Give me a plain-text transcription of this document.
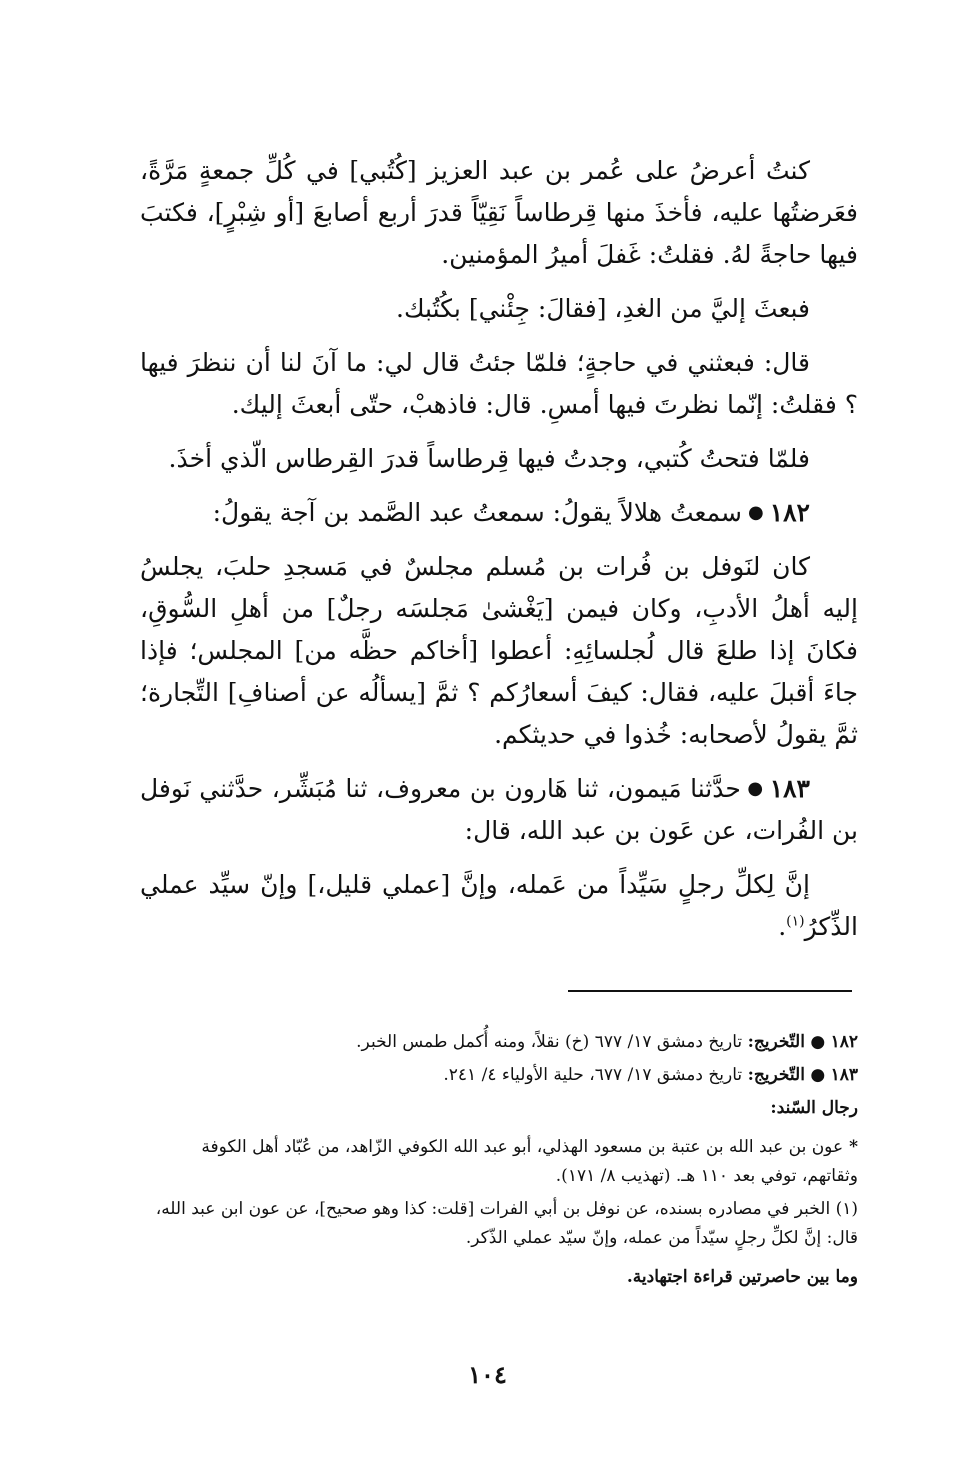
كنتُ أعرضُ على عُمر بن عبد العزيز [كُتُبي] في كُلِّ جمعةٍ مَرَّةً، فعَرضتُها عليه، فأخذَ منها قِرطاساً نَقِيّاً قدرَ أربع أصابعَ [أو شِبْرٍ]، فكتبَ فيها حاجةً لهُ. فقلتُ: غَفلَ أميرُ المؤمنين.

فبعثَ إليَّ من الغدِ، [فقالَ: جِئْني] بكُتُبك.

قال: فبعثني في حاجةٍ؛ فلمّا جئتُ قال لي: ما آنَ لنا أن ننظرَ فيها ؟ فقلتُ: إنّما نظرتَ فيها أمسِ. قال: فاذهبْ، حتّى أبعثَ إليك.

فلمّا فتحتُ كُتبي، وجدتُ فيها قِرطاساً قدرَ القِرطاس الّذي أخذَ.

١٨٢●سمعتُ هلالاً يقولُ: سمعتُ عبد الصَّمد بن آجة يقولُ:

كان لنَوفل بن فُرات بن مُسلم مجلسٌ في مَسجدِ حلبَ، يجلسُ إليه أهلُ الأدبِ، وكان فيمن [يَغْشىٰ مَجلسَه رجلٌ] من أهلِ السُّوقِ، فكانَ إذا طلعَ قال لُجلسائِهِ: أعطوا [أخاكم حظَّه من] المجلس؛ فإذا جاءَ أقبلَ عليه، فقال: كيفَ أسعارُكم ؟ ثمَّ [يسألُه عن أصنافِ] التِّجارة؛ ثمَّ يقولُ لأصحابه: خُذوا في حديثكم.

١٨٣●حدَّثنا مَيمون، ثنا هَارون بن معروف، ثنا مُبَشِّر، حدَّثني نَوفل بن الفُرات، عن عَون بن عبد الله، قال:

إنَّ لِكلِّ رجلٍ سَيِّداً من عَمله، وإنَّ [عملي قليل،] وإنّ سيِّد عملي الذِّكرُ$^{(١)}$.

١٨٢ ● التّخريج: تاريخ دمشق ١٧/ ٦٧٧ (خ) نقلاً، ومنه أُكمل طمس الخبر.
١٨٣ ● التّخريج: تاريخ دمشق ١٧/ ٦٧٧، حلية الأولياء ٤/ ٢٤١.
رجال السّند:
*عون بن عبد الله بن عتبة بن مسعود الهذلي، أبو عبد الله الكوفي الزّاهد، من عُبّاد أهل الكوفة وثقاتهم، توفي بعد ١١٠ هـ. (تهذيب ٨/ ١٧١).
(١) الخبر في مصادره بسنده، عن نوفل بن أبي الفرات [قلت: كذا وهو صحيح]، عن عون ابن عبد الله، قال: إنَّ لكلِّ رجلٍ سيّداً من عمله، وإنّ سيّد عملي الذّكر.
وما بين حاصرتين قراءة اجتهادية.
١٠٤
